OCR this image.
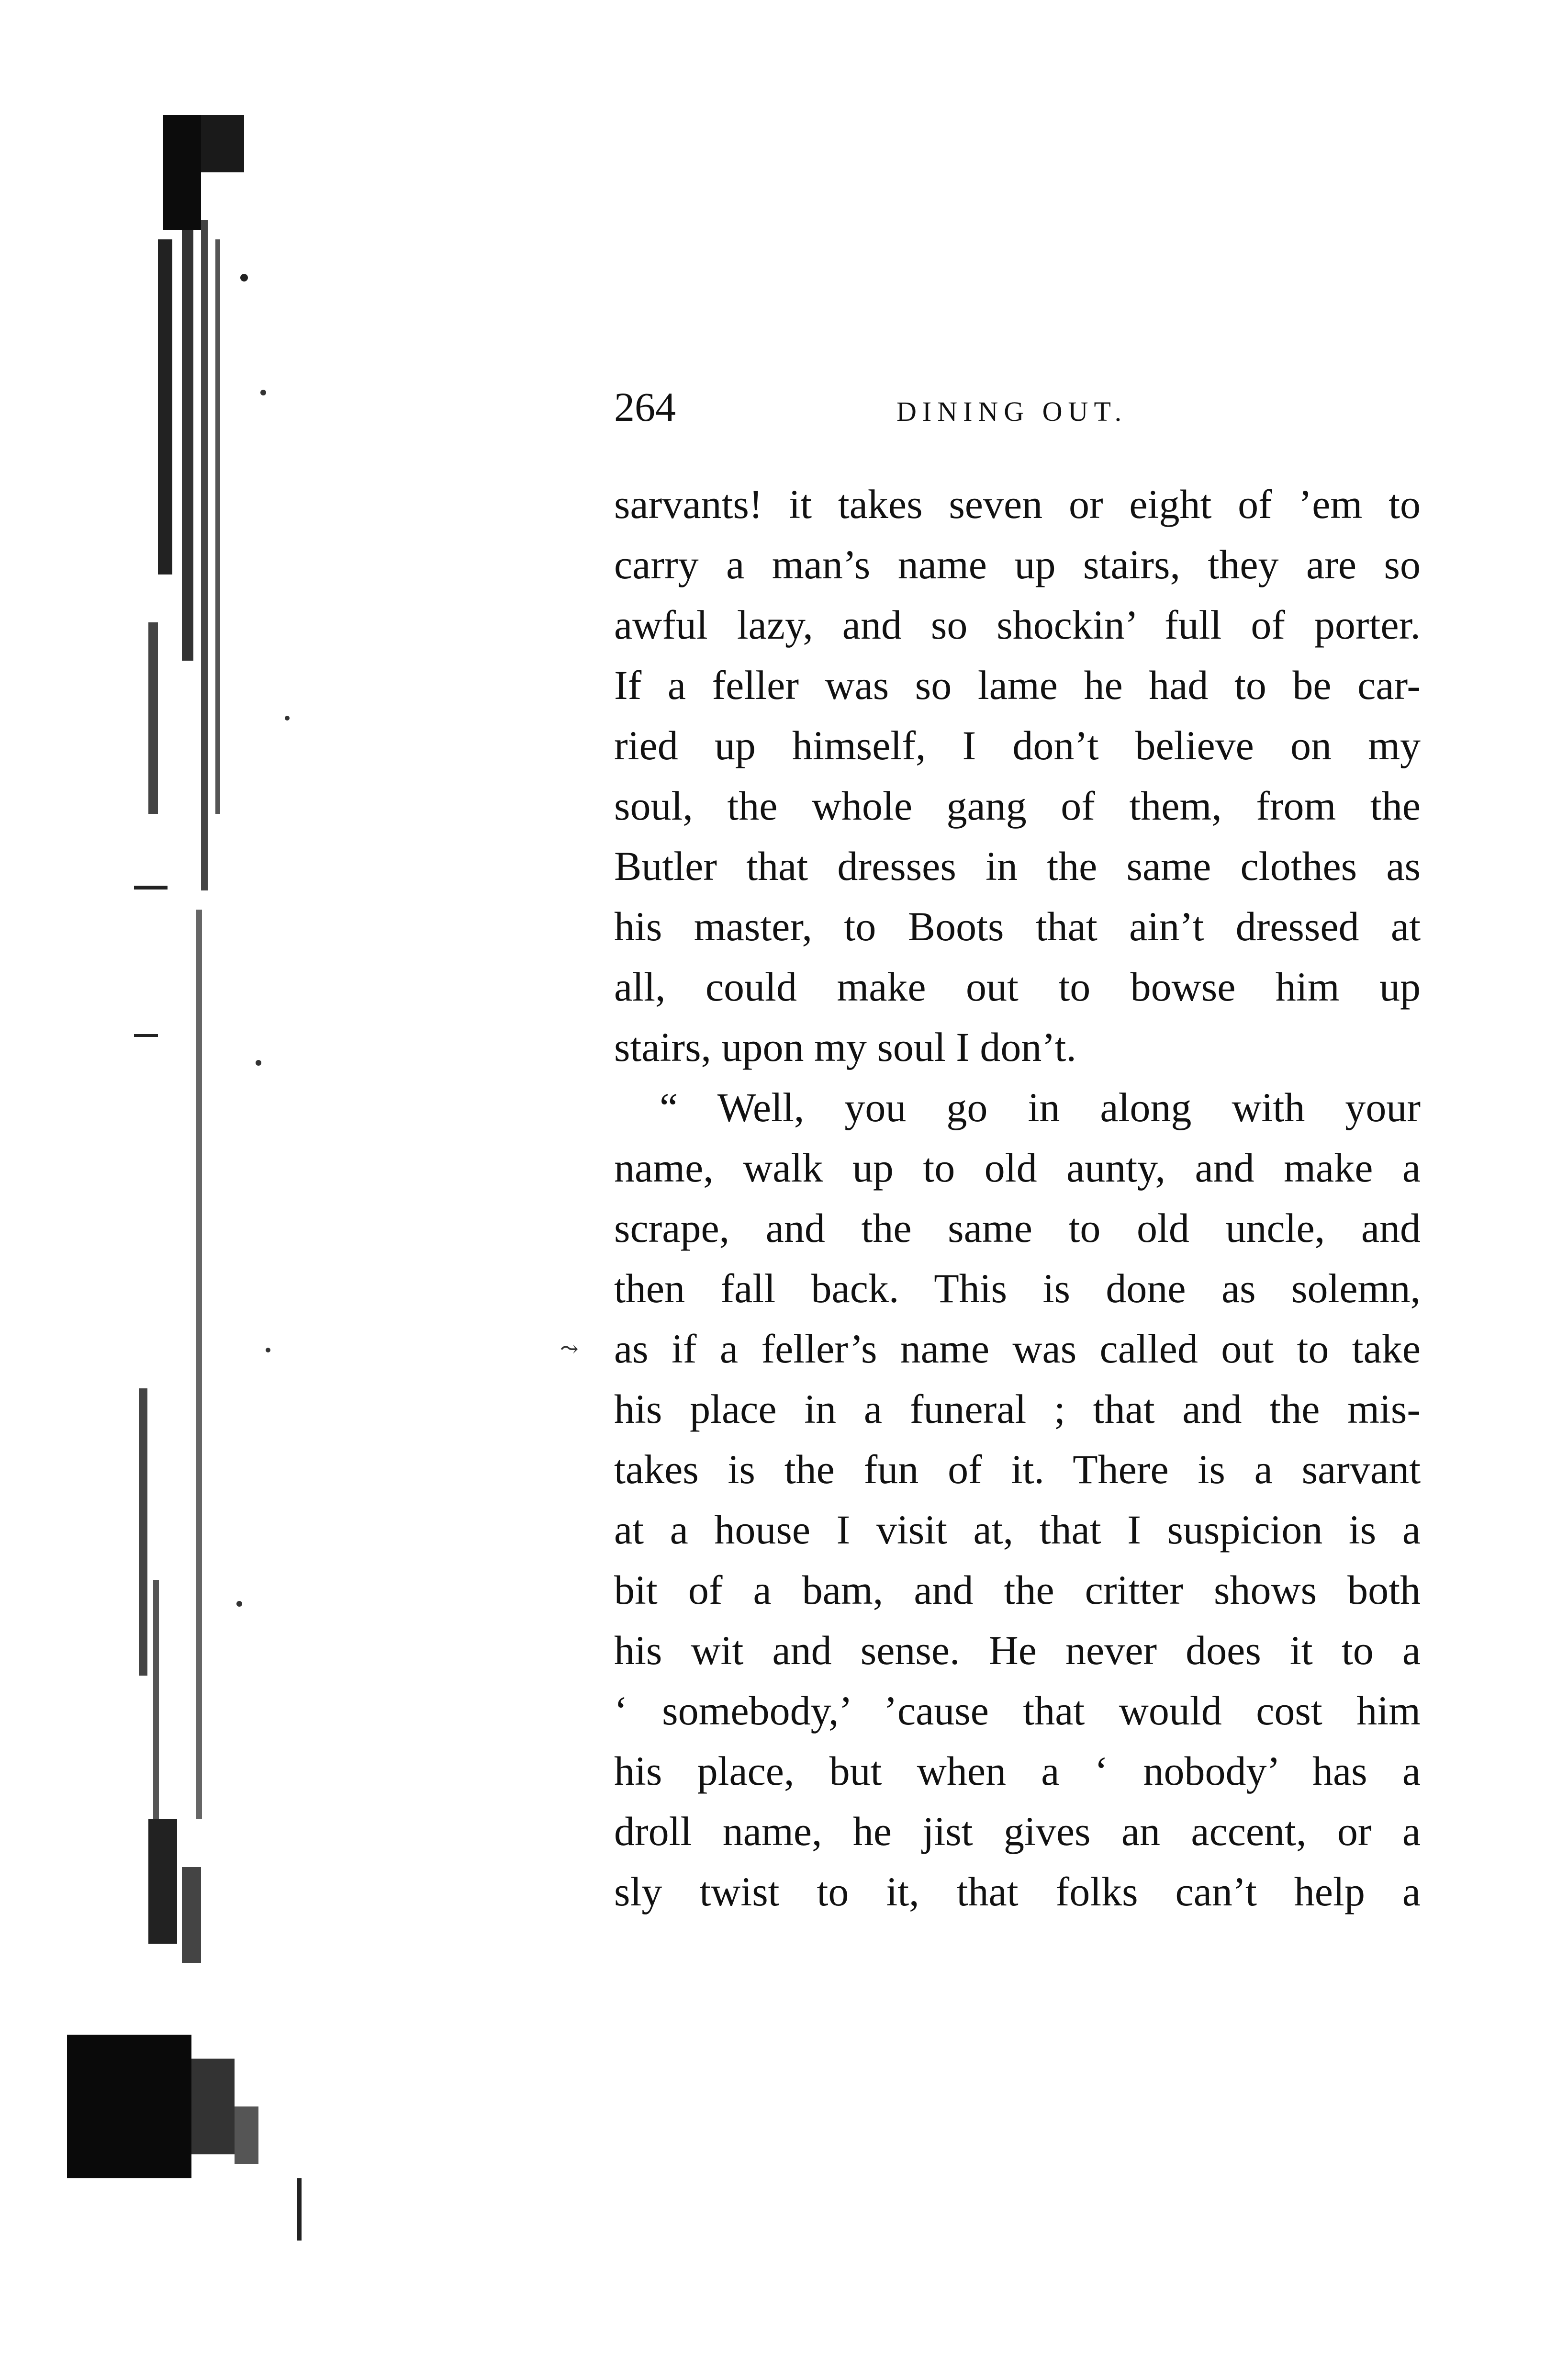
264	DINING OUT.
⤳
sarvants! it takes seven or eight of ’em to
carry a man’s name up stairs, they are so
awful lazy, and so shockin’ full of porter.
If a feller was so lame he had to be car-
ried up himself, I don’t believe on my
soul, the whole gang of them, from the
Butler that dresses in the same clothes as
his master, to Boots that ain’t dressed at
all, could make out to bowse him up
stairs, upon my soul I don’t.
“ Well, you go in along with your
name, walk up to old aunty, and make a
scrape, and the same to old uncle, and
then fall back. This is done as solemn,
as if a feller’s name was called out to take
his place in a funeral ; that and the mis-
takes is the fun of it. There is a sarvant
at a house I visit at, that I suspicion is a
bit of a bam, and the critter shows both
his wit and sense. He never does it to a
‘ somebody,’ ’cause that would cost him
his place, but when a ‘ nobody’ has a
droll name, he jist gives an accent, or a
sly twist to it, that folks can’t help a
